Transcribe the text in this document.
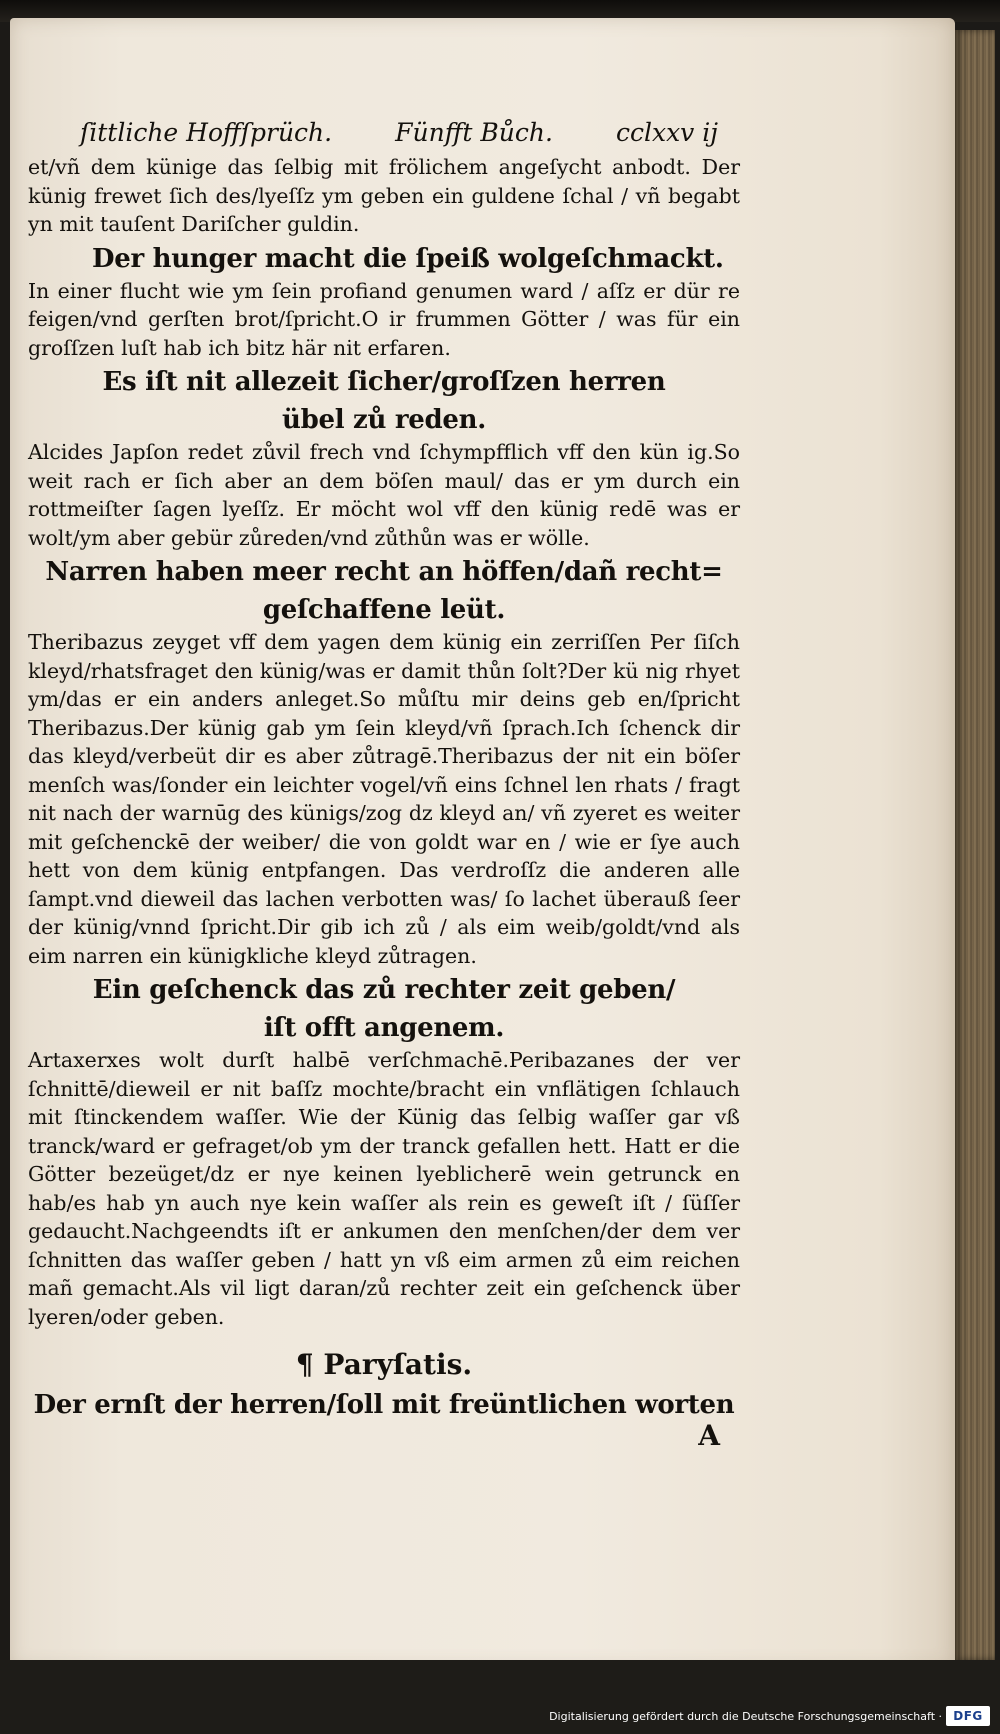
ſittliche Hoffſprüch.	Fünfft Bůch.	cclxxv ij

et/vñ dem künige das ſelbig mit frölichem angeſycht anbodt. Der künig frewet ſich des/lyeſſz ym geben ein guldene ſchal / vñ begabt yn mit tauſent Dariſcher guldin.

Der hunger macht die ſpeiß wolgeſchmackt.

In einer flucht wie ym ſein profiand genumen ward / aſſz er dür re feigen/vnd gerſten brot/ſpricht.O ir frummen Götter / was für ein groſſzen luſt hab ich bitz här nit erfaren.

Es iſt nit allezeit ſicher/groſſzen herren
übel zů reden.

Alcides Japſon redet zůvil frech vnd ſchympfflich vff den kün ig.So weit rach er ſich aber an dem böſen maul/ das er ym durch ein rottmeiſter ſagen lyeſſz. Er möcht wol vff den künig redē was er wolt/ym aber gebür zůreden/vnd zůthůn was er wölle.

Narren haben meer recht an höffen/dañ recht=
geſchaffene leüt.

Theribazus zeyget vff dem yagen dem künig ein zerriſſen Per ſiſch kleyd/rhatsfraget den künig/was er damit thůn ſolt?Der kü nig rhyet ym/das er ein anders anleget.So můſtu mir deins geb en/ſpricht Theribazus.Der künig gab ym ſein kleyd/vñ ſprach.Ich ſchenck dir das kleyd/verbeüt dir es aber zůtragē.Theribazus der nit ein böſer menſch was/ſonder ein leichter vogel/vñ eins ſchnel len rhats / fragt nit nach der warnūg des künigs/zog dz kleyd an/ vñ zyeret es weiter mit geſchenckē der weiber/ die von goldt war en / wie er ſye auch hett von dem künig entpfangen. Das verdroſſz die anderen alle ſampt.vnd dieweil das lachen verbotten was/ ſo lachet überauß ſeer der künig/vnnd ſpricht.Dir gib ich zů / als eim weib/goldt/vnd als eim narren ein künigkliche kleyd zůtragen.

Ein geſchenck das zů rechter zeit geben/
iſt offt angenem.

Artaxerxes wolt durſt halbē verſchmachē.Peribazanes der ver ſchnittē/dieweil er nit baſſz mochte/bracht ein vnflätigen ſchlauch mit ſtinckendem waſſer. Wie der Künig das ſelbig waſſer gar vß tranck/ward er gefraget/ob ym der tranck gefallen hett. Hatt er die Götter bezeüget/dz er nye keinen lyeblicherē wein getrunck en hab/es hab yn auch nye kein waſſer als rein es geweſt iſt / ſüſſer gedaucht.Nachgeendts iſt er ankumen den menſchen/der dem ver ſchnitten das waſſer geben / hatt yn vß eim armen zů eim reichen mañ gemacht.Als vil ligt daran/zů rechter zeit ein geſchenck über lyeren/oder geben.

¶ Paryſatis.
Der ernſt der herren/ſoll mit freüntlichen worten
A
Digitalisierung gefördert durch die Deutsche Forschungsgemeinschaft · DFG
